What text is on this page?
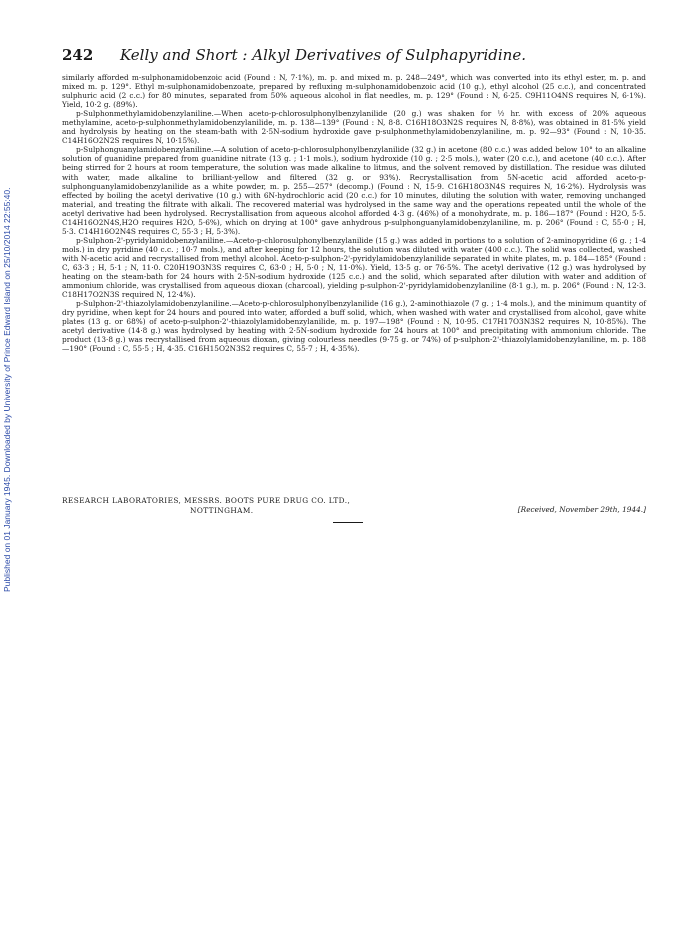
Published on 01 January 1945. Downloaded by University of Prince Edward Island on 25/10/2014 22:55:40.
242	Kelly and Short : Alkyl Derivatives of Sulphapyridine.

similarly afforded m-sulphonamidobenzoic acid (Found : N, 7·1%), m. p. and mixed m. p. 248—249°, which was converted into its ethyl ester, m. p. and mixed m. p. 129°. Ethyl m-sulphonamidobenzoate, prepared by refluxing m-sulphonamidobenzoic acid (10 g.), ethyl alcohol (25 c.c.), and concentrated sulphuric acid (2 c.c.) for 80 minutes, separated from 50% aqueous alcohol in flat needles, m. p. 129° (Found : N, 6·25. C9H11O4NS requires N, 6·1%). Yield, 10·2 g. (89%).

p-Sulphonmethylamidobenzylaniline.—When aceto-p-chlorosulphonylbenzylanilide (20 g.) was shaken for ½ hr. with excess of 20% aqueous methylamine, aceto-p-sulphonmethylamidobenzylanilide, m. p. 138—139° (Found : N, 8·8. C16H18O3N2S requires N, 8·8%), was obtained in 81·5% yield and hydrolysis by heating on the steam-bath with 2·5N-sodium hydroxide gave p-sulphonmethylamidobenzylaniline, m. p. 92—93° (Found : N, 10·35. C14H16O2N2S requires N, 10·15%).

p-Sulphonguanylamidobenzylaniline.—A solution of aceto-p-chlorosulphonylbenzylanilide (32 g.) in acetone (80 c.c.) was added below 10° to an alkaline solution of guanidine prepared from guanidine nitrate (13 g. ; 1·1 mols.), sodium hydroxide (10 g. ; 2·5 mols.), water (20 c.c.), and acetone (40 c.c.). After being stirred for 2 hours at room temperature, the solution was made alkaline to litmus, and the solvent removed by distillation. The residue was diluted with water, made alkaline to brilliant-yellow and filtered (32 g. or 93%). Recrystallisation from 5N-acetic acid afforded aceto-p-sulphonguanylamidobenzylanilide as a white powder, m. p. 255—257° (decomp.) (Found : N, 15·9. C16H18O3N4S requires N, 16·2%). Hydrolysis was effected by boiling the acetyl derivative (10 g.) with 6N-hydrochloric acid (20 c.c.) for 10 minutes, diluting the solution with water, removing unchanged material, and treating the filtrate with alkali. The recovered material was hydrolysed in the same way and the operations repeated until the whole of the acetyl derivative had been hydrolysed. Recrystallisation from aqueous alcohol afforded 4·3 g. (46%) of a monohydrate, m. p. 186—187° (Found : H2O, 5·5. C14H16O2N4S,H2O requires H2O, 5·6%), which on drying at 100° gave anhydrous p-sulphonguanylamidobenzylaniline, m. p. 206° (Found : C, 55·0 ; H, 5·3. C14H16O2N4S requires C, 55·3 ; H, 5·3%).

p-Sulphon-2'-pyridylamidobenzylaniline.—Aceto-p-chlorosulphonylbenzylanilide (15 g.) was added in portions to a solution of 2-aminopyridine (6 g. ; 1·4 mols.) in dry pyridine (40 c.c. ; 10·7 mols.), and after keeping for 12 hours, the solution was diluted with water (400 c.c.). The solid was collected, washed with N-acetic acid and recrystallised from methyl alcohol. Aceto-p-sulphon-2'-pyridylamidobenzylanilide separated in white plates, m. p. 184—185° (Found : C, 63·3 ; H, 5·1 ; N, 11·0. C20H19O3N3S requires C, 63·0 ; H, 5·0 ; N, 11·0%). Yield, 13·5 g. or 76·5%. The acetyl derivative (12 g.) was hydrolysed by heating on the steam-bath for 24 hours with 2·5N-sodium hydroxide (125 c.c.) and the solid, which separated after dilution with water and addition of ammonium chloride, was crystallised from aqueous dioxan (charcoal), yielding p-sulphon-2'-pyridylamidobenzylaniline (8·1 g.), m. p. 206° (Found : N, 12·3. C18H17O2N3S required N, 12·4%).

p-Sulphon-2'-thiazolylamidobenzylaniline.—Aceto-p-chlorosulphonylbenzylanilide (16 g.), 2-aminothiazole (7 g. ; 1·4 mols.), and the minimum quantity of dry pyridine, when kept for 24 hours and poured into water, afforded a buff solid, which, when washed with water and crystallised from alcohol, gave white plates (13 g. or 68%) of aceto-p-sulphon-2'-thiazolylamidobenzylanilide, m. p. 197—198° (Found : N, 10·95. C17H17O3N3S2 requires N, 10·85%). The acetyl derivative (14·8 g.) was hydrolysed by heating with 2·5N-sodium hydroxide for 24 hours at 100° and precipitating with ammonium chloride. The product (13·8 g.) was recrystallised from aqueous dioxan, giving colourless needles (9·75 g. or 74%) of p-sulphon-2'-thiazolylamidobenzylaniline, m. p. 188—190° (Found : C, 55·5 ; H, 4·35. C16H15O2N3S2 requires C, 55·7 ; H, 4·35%).

RESEARCH LABORATORIES, MESSRS. BOOTS PURE DRUG CO. LTD.,
NOTTINGHAM.	[Received, November 29th, 1944.]
